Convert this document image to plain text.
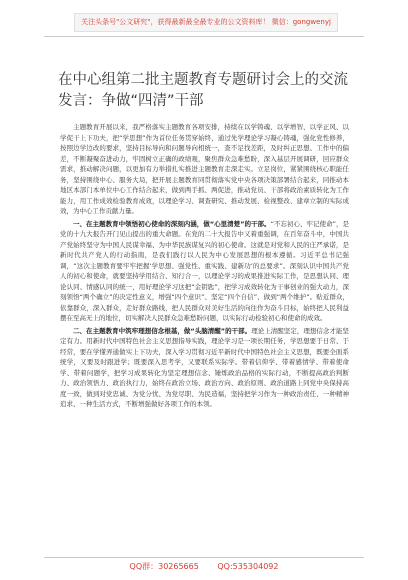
关注头条号"公文研究"，获得最新最全最专业的公文资料库！ 微信：gongwenyj
在中心组第二批主题教育专题研讨会上的交流发言：争做“四清”干部

主题教育开展以来，我严格落实主题教育各项安排，持续在以学铸魂、以学增智、以学正风、以学促干上下功夫，把“学思想”作为首位任务贯穿始终，通过先学理论学习凝心铸魂，强化党性修养，按照边学边改的要求，坚持目标导向和问题导向相统一，查不足找差距，及时纠正思想、工作中的偏差，不断凝聚奋进动力，牢固树立正确的政绩观，聚焦群众急难愁盼，深入基层开展调研，回应群众需求，推动解决问题，以更加有力举措扎实推进主题教育走深走实。立足岗位，紧紧围绕核心职能任务，坚持围绕中心、服务大局，把开展主题教育同贯彻落实党中央各项决策部署结合起来，同推动本地区本部门本单位中心工作结合起来，做到两手抓、两促进，推动党员、干部将政治素质转化为工作能力，用工作成效检验教育成效，以理论学习、调查研究、推动发展、检视整改、建章立制的实际成效，为中心工作贡献力量。

一、在主题教育中领悟初心使命的深刻内涵，做“心里清楚”的干部。“不忘初心、牢记使命”，是党的十九大报告开门见山提出的重大命题。在党的二十大报告中又着重强调，在百年奋斗中，中国共产党始终坚守为中国人民谋幸福、为中华民族谋复兴的初心使命。这就是对党和人民的庄严承诺，是新时代共产党人的行动指南，是我们践行以人民为中心发展思想的根本遵循。习近平总书记强调，“这次主题教育要牢牢把握‘学思想、强党性、重实践、建新功’的总要求”。深刻认识中国共产党人的初心和使命，就要坚持学用结合、知行合一，以理论学习的成果推进实际工作，是思想认同、理论认同、情感认同的统一，用好理论学习这把“金钥匙”，把学习成效转化为干事创业的强大动力，深刻领悟“两个确立”的决定性意义，增强“四个意识”、坚定“四个自信”、做到“两个维护”。贴近群众，依靠群众，深入群众，走好群众路线，把人民群众对美好生活的向往作为奋斗目标，始终把人民利益摆在至高无上的地位，切实解决人民群众急难愁盼问题，以实际行动检验初心和使命的成效。

二、在主题教育中筑牢理想信念根基，做“头脑清醒”的干部。理论上清醒坚定，理想信念才能坚定有力。用新时代中国特色社会主义思想指导实践，理论学习是一项长期任务，学思想要于日常、于经常，要在学懂弄通做实上下功夫，深入学习贯彻习近平新时代中国特色社会主义思想，既要全面系统学，又要及时跟进学；既要深入思考学，又要联系实际学。带着信仰学、带着感情学、带着使命学、带着问题学，把学习成果转化为坚定理想信念、锤炼政治品格的实际行动，不断提高政治判断力、政治领悟力、政治执行力，始终在政治立场、政治方向、政治原则、政治道路上同党中央保持高度一致，做到对党忠诚、为党分忧、为党尽职、为民造福，坚持把学习作为一种政治责任、一种精神追求、一种生活方式，不断增强做好各项工作的本领。

QQ群：30265665 QQ:535304092
